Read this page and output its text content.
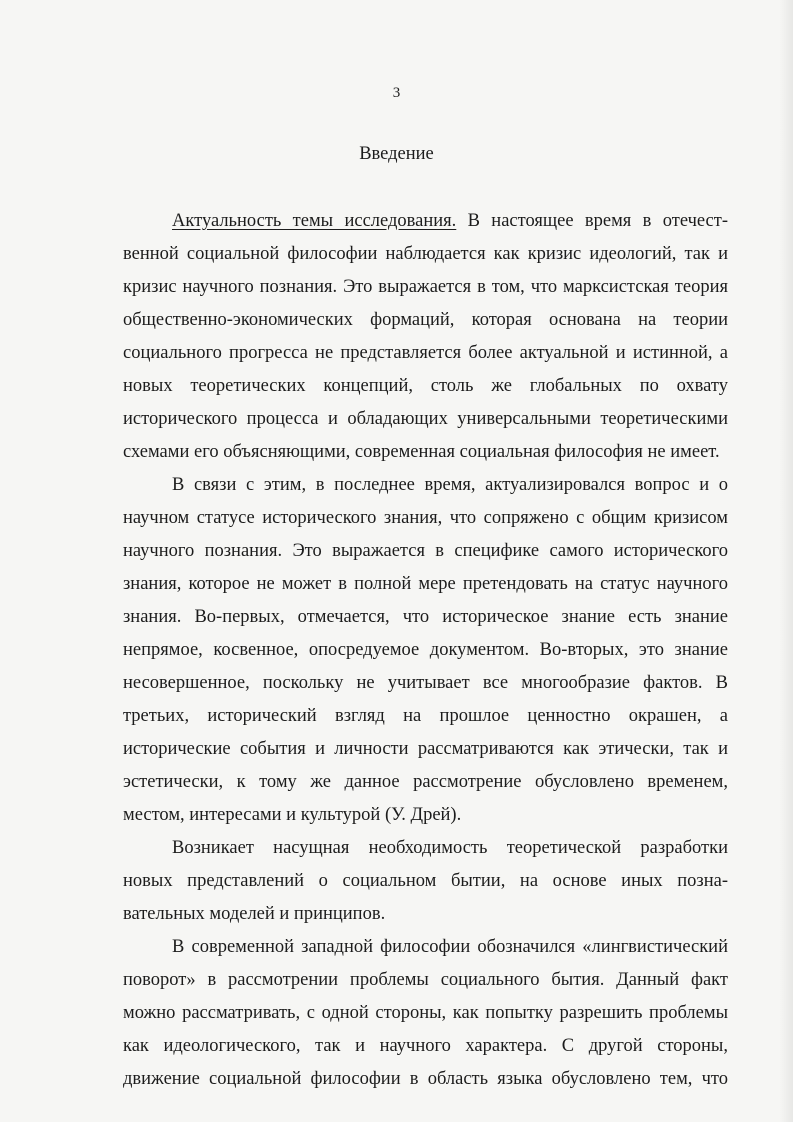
3
Введение
Актуальность темы исследования. В настоящее время в отечест-
венной социальной философии наблюдается как кризис идеологий, так и
кризис научного познания. Это выражается в том, что марксистская теория
общественно-экономических формаций, которая основана на теории
социального прогресса не представляется более актуальной и истинной, а
новых теоретических концепций, столь же глобальных по охвату
исторического процесса и обладающих универсальными теоретическими
схемами его объясняющими, современная социальная философия не имеет.
В связи с этим, в последнее время, актуализировался вопрос и о
научном статусе исторического знания, что сопряжено с общим кризисом
научного познания. Это выражается в специфике самого исторического
знания, которое не может в полной мере претендовать на статус научного
знания. Во-первых, отмечается, что историческое знание есть знание
непрямое, косвенное, опосредуемое документом. Во-вторых, это знание
несовершенное, поскольку не учитывает все многообразие фактов. В
третьих, исторический взгляд на прошлое ценностно окрашен, а
исторические события и личности рассматриваются как этически, так и
эстетически, к тому же данное рассмотрение обусловлено временем,
местом, интересами и культурой (У. Дрей).
Возникает насущная необходимость теоретической разработки
новых представлений о социальном бытии, на основе иных позна-
вательных моделей и принципов.
В современной западной философии обозначился «лингвистический
поворот» в рассмотрении проблемы социального бытия. Данный факт
можно рассматривать, с одной стороны, как попытку разрешить проблемы
как идеологического, так и научного характера. С другой стороны,
движение социальной философии в область языка обусловлено тем, что
